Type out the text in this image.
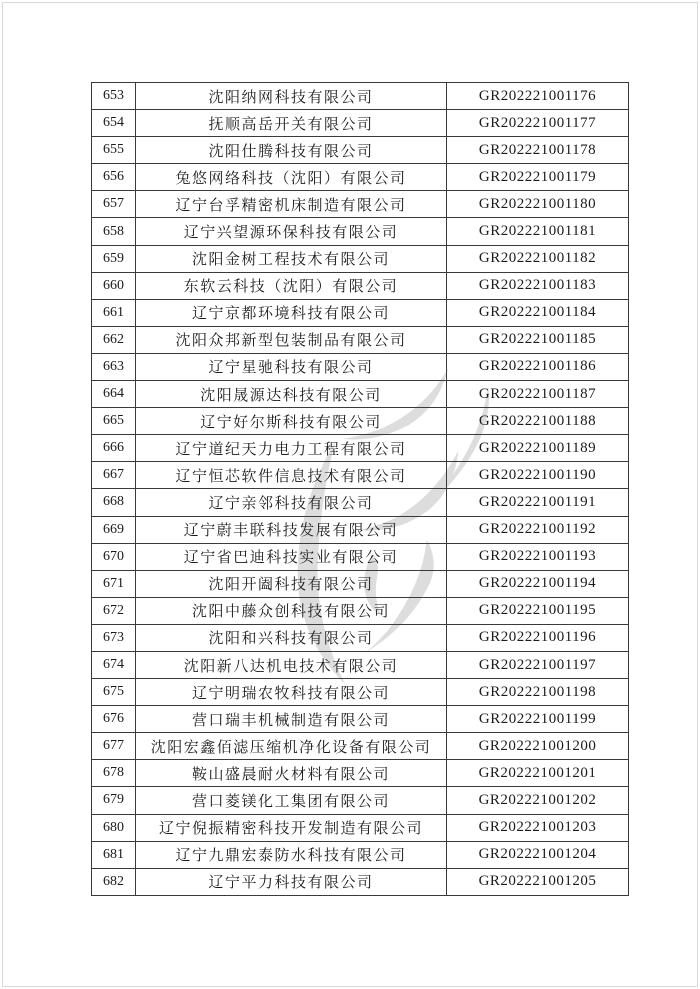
653	沈阳纳网科技有限公司	GR202221001176
654	抚顺高岳开关有限公司	GR202221001177
655	沈阳仕腾科技有限公司	GR202221001178
656	兔悠网络科技（沈阳）有限公司	GR202221001179
657	辽宁台孚精密机床制造有限公司	GR202221001180
658	辽宁兴望源环保科技有限公司	GR202221001181
659	沈阳金树工程技术有限公司	GR202221001182
660	东软云科技（沈阳）有限公司	GR202221001183
661	辽宁京都环境科技有限公司	GR202221001184
662	沈阳众邦新型包装制品有限公司	GR202221001185
663	辽宁星驰科技有限公司	GR202221001186
664	沈阳晟源达科技有限公司	GR202221001187
665	辽宁好尔斯科技有限公司	GR202221001188
666	辽宁道纪天力电力工程有限公司	GR202221001189
667	辽宁恒芯软件信息技术有限公司	GR202221001190
668	辽宁亲邻科技有限公司	GR202221001191
669	辽宁蔚丰联科技发展有限公司	GR202221001192
670	辽宁省巴迪科技实业有限公司	GR202221001193
671	沈阳开阖科技有限公司	GR202221001194
672	沈阳中藤众创科技有限公司	GR202221001195
673	沈阳和兴科技有限公司	GR202221001196
674	沈阳新八达机电技术有限公司	GR202221001197
675	辽宁明瑞农牧科技有限公司	GR202221001198
676	营口瑞丰机械制造有限公司	GR202221001199
677	沈阳宏鑫佰滤压缩机净化设备有限公司	GR202221001200
678	鞍山盛晨耐火材料有限公司	GR202221001201
679	营口菱镁化工集团有限公司	GR202221001202
680	辽宁倪振精密科技开发制造有限公司	GR202221001203
681	辽宁九鼎宏泰防水科技有限公司	GR202221001204
682	辽宁平力科技有限公司	GR202221001205
